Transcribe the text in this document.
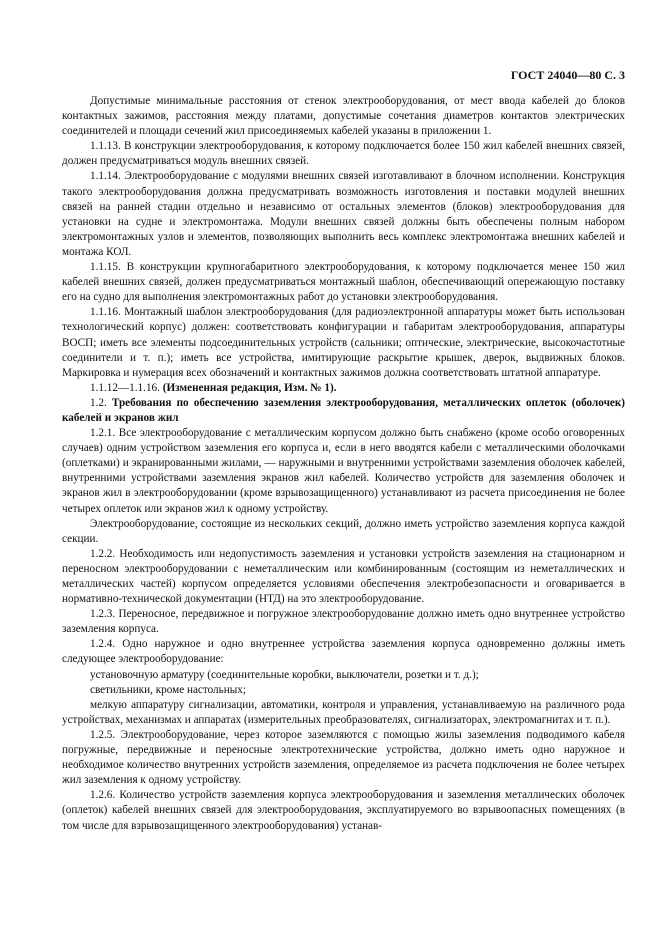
ГОСТ 24040—80 С. 3

Допустимые минимальные расстояния от стенок электрооборудования, от мест ввода кабелей до блоков контактных зажимов, расстояния между платами, допустимые сочетания диаметров контактов электрических соединителей и площади сечений жил присоединяемых кабелей указаны в приложении 1.

1.1.13. В конструкции электрооборудования, к которому подключается более 150 жил кабелей внешних связей, должен предусматриваться модуль внешних связей.

1.1.14. Электрооборудование с модулями внешних связей изготавливают в блочном исполнении. Конструкция такого электрооборудования должна предусматривать возможность изготовления и поставки модулей внешних связей на ранней стадии отдельно и независимо от остальных элементов (блоков) электрооборудования для установки на судне и электромонтажа. Модули внешних связей должны быть обеспечены полным набором электромонтажных узлов и элементов, позволяющих выполнить весь комплекс электромонтажа внешних кабелей и монтажа КОЛ.

1.1.15. В конструкции крупногабаритного электрооборудования, к которому подключается менее 150 жил кабелей внешних связей, должен предусматриваться монтажный шаблон, обеспечивающий опережающую поставку его на судно для выполнения электромонтажных работ до установки электрооборудования.

1.1.16. Монтажный шаблон электрооборудования (для радиоэлектронной аппаратуры может быть использован технологический корпус) должен: соответствовать конфигурации и габаритам электрооборудования, аппаратуры ВОСП; иметь все элементы подсоединительных устройств (сальники; оптические, электрические, высокочастотные соединители и т. п.); иметь все устройства, имитирующие раскрытие крышек, дверок, выдвижных блоков. Маркировка и нумерация всех обозначений и контактных зажимов должна соответствовать штатной аппаратуре.

1.1.12—1.1.16. (Измененная редакция, Изм. № 1).

1.2. Требования по обеспечению заземления электрооборудования, металлических оплеток (оболочек) кабелей и экранов жил

1.2.1. Все электрооборудование с металлическим корпусом должно быть снабжено (кроме особо оговоренных случаев) одним устройством заземления его корпуса и, если в него вводятся кабели с металлическими оболочками (оплетками) и экранированными жилами, — наружными и внутренними устройствами заземления оболочек кабелей, внутренними устройствами заземления экранов жил кабелей. Количество устройств для заземления оболочек и экранов жил в электрооборудовании (кроме взрывозащищенного) устанавливают из расчета присоединения не более четырех оплеток или экранов жил к одному устройству.

Электрооборудование, состоящие из нескольких секций, должно иметь устройство заземления корпуса каждой секции.

1.2.2. Необходимость или недопустимость заземления и установки устройств заземления на стационарном и переносном электрооборудовании с неметаллическим или комбинированным (состоящим из неметаллических и металлических частей) корпусом определяется условиями обеспечения электробезопасности и оговаривается в нормативно-технической документации (НТД) на это электрооборудование.

1.2.3. Переносное, передвижное и погружное электрооборудование должно иметь одно внутреннее устройство заземления корпуса.

1.2.4. Одно наружное и одно внутреннее устройства заземления корпуса одновременно должны иметь следующее электрооборудование:

установочную арматуру (соединительные коробки, выключатели, розетки и т. д.);

светильники, кроме настольных;

мелкую аппаратуру сигнализации, автоматики, контроля и управления, устанавливаемую на различного рода устройствах, механизмах и аппаратах (измерительных преобразователях, сигнализаторах, электромагнитах и т. п.).

1.2.5. Электрооборудование, через которое заземляются с помощью жилы заземления подводимого кабеля погружные, передвижные и переносные электротехнические устройства, должно иметь одно наружное и необходимое количество внутренних устройств заземления, определяемое из расчета подключения не более четырех жил заземления к одному устройству.

1.2.6. Количество устройств заземления корпуса электрооборудования и заземления металлических оболочек (оплеток) кабелей внешних связей для электрооборудования, эксплуатируемого во взрывоопасных помещениях (в том числе для взрывозащищенного электрооборудования) устанав-
